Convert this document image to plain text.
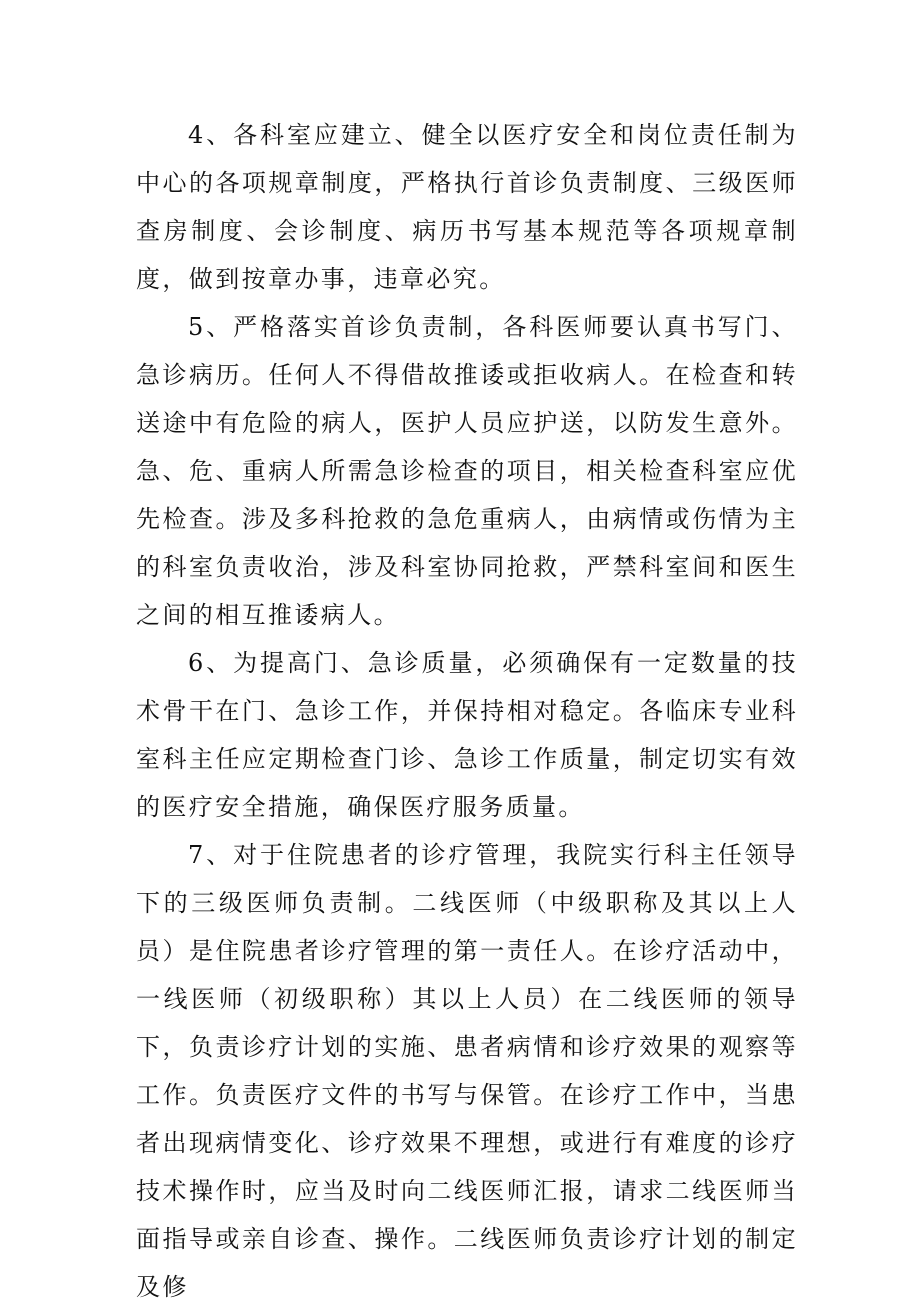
4、各科室应建立、健全以医疗安全和岗位责任制为中心的各项规章制度，严格执行首诊负责制度、三级医师查房制度、会诊制度、病历书写基本规范等各项规章制度，做到按章办事，违章必究。

5、严格落实首诊负责制，各科医师要认真书写门、急诊病历。任何人不得借故推诿或拒收病人。在检查和转送途中有危险的病人，医护人员应护送，以防发生意外。急、危、重病人所需急诊检查的项目，相关检查科室应优先检查。涉及多科抢救的急危重病人，由病情或伤情为主的科室负责收治，涉及科室协同抢救，严禁科室间和医生之间的相互推诿病人。

6、为提高门、急诊质量，必须确保有一定数量的技术骨干在门、急诊工作，并保持相对稳定。各临床专业科室科主任应定期检查门诊、急诊工作质量，制定切实有效的医疗安全措施，确保医疗服务质量。

7、对于住院患者的诊疗管理，我院实行科主任领导下的三级医师负责制。二线医师（中级职称及其以上人员）是住院患者诊疗管理的第一责任人。在诊疗活动中，一线医师（初级职称）其以上人员）在二线医师的领导下，负责诊疗计划的实施、患者病情和诊疗效果的观察等工作。负责医疗文件的书写与保管。在诊疗工作中，当患者出现病情变化、诊疗效果不理想，或进行有难度的诊疗技术操作时，应当及时向二线医师汇报，请求二线医师当面指导或亲自诊查、操作。二线医师负责诊疗计划的制定及修
